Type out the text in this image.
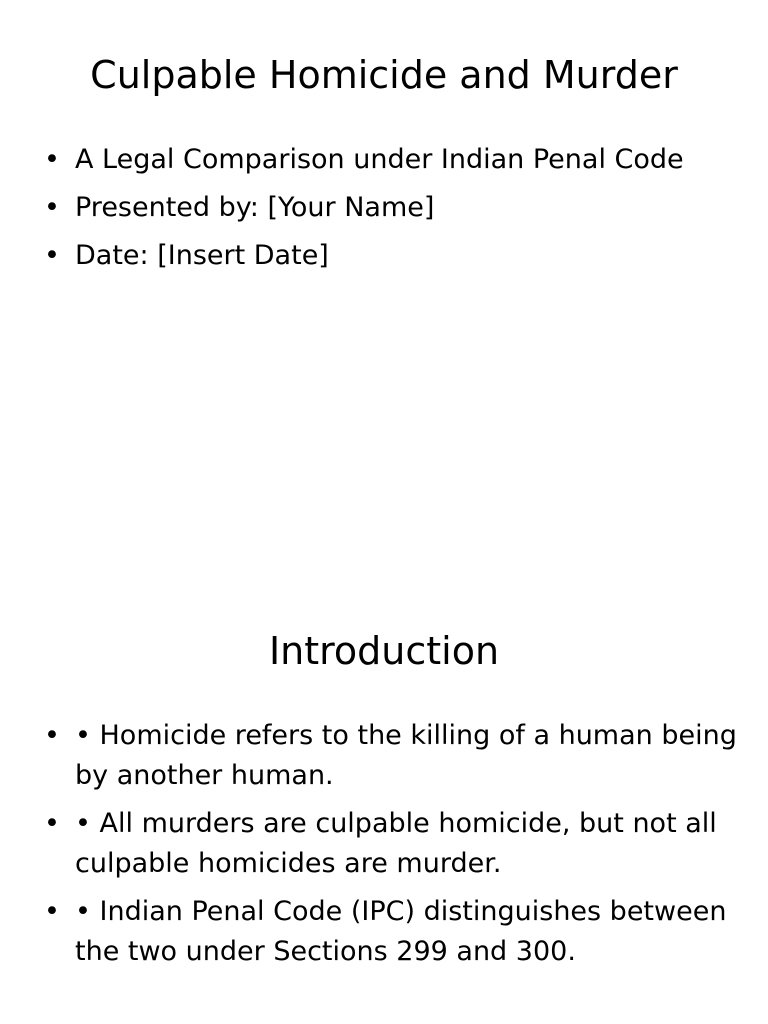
Culpable Homicide and Murder
• A Legal Comparison under Indian Penal Code
• Presented by: [Your Name]
• Date: [Insert Date]
Introduction
• • Homicide refers to the killing of a human being by another human.
• • All murders are culpable homicide, but not all culpable homicides are murder.
• • Indian Penal Code (IPC) distinguishes between the two under Sections 299 and 300.
